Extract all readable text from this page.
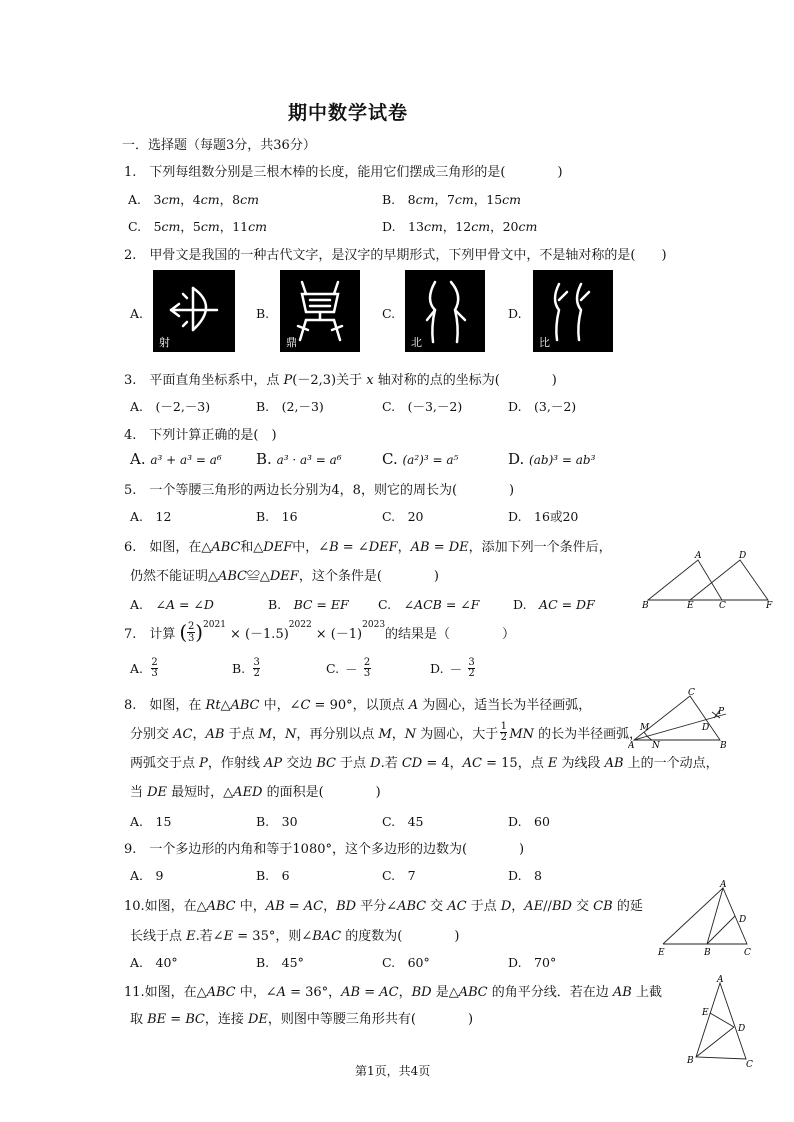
期中数学试卷
一．选择题（每题3分，共36分）
1.　下列每组数分别是三根木棒的长度，能用它们摆成三角形的是(　　　　)
A.　3𝑐𝑚，4𝑐𝑚，8𝑐𝑚	B.　8𝑐𝑚，7𝑐𝑚，15𝑐𝑚
C.　5𝑐𝑚，5𝑐𝑚，11𝑐𝑚	D.　13𝑐𝑚，12𝑐𝑚，20𝑐𝑚
2.　甲骨文是我国的一种古代文字，是汉字的早期形式，下列甲骨文中，不是轴对称的是(　　)
A.
射
B.
鼎
C.
北
D.
比
3.　平面直角坐标系中，点 𝑃(－2,3)关于 𝑥 轴对称的点的坐标为(　　　　)
A.　(－2,－3)	B.　(2,－3)	C.　(－3,－2)	D.　(3,－2)
4.　下列计算正确的是(　)
A. a³ + a³ = a⁶ B. a³ · a³ = a⁶	C. (a²)³ = a⁵	D. (ab)³ = ab³
5.　一个等腰三角形的两边长分别为4，8，则它的周长为(　　　　)
A.　12	B.　16	C.　20	D.　16或20
6.　如图，在△𝐴𝐵𝐶和△𝐷𝐸𝐹中，∠𝐵 = ∠𝐷𝐸𝐹，𝐴𝐵 = 𝐷𝐸，添加下列一个条件后，
仍然不能证明△𝐴𝐵𝐶≌△𝐷𝐸𝐹，这个条件是(　　　　)
A.　∠𝐴 = ∠𝐷	B.　𝐵𝐶 = 𝐸𝐹 C.　∠𝐴𝐶𝐵 = ∠𝐹	D.　𝐴𝐶 = 𝐷𝐹
A	D
B	E	C	F
7.　计算 ( 2
3 )$^{2021}$
× (－1.5)
$^{2022}$
× (－1)
$^{2023}$
的结果是（　　　　）
A. 2
3	B. 3
2	C. － 2
3	D. － 3
2
8.　如图，在 𝑅𝑡△𝐴𝐵𝐶 中，∠𝐶 = 90°，以顶点 𝐴 为圆心，适当长为半径画弧，
分别交 𝐴𝐶，𝐴𝐵 于点 𝑀，𝑁，再分别以点 𝑀，𝑁 为圆心，大于
1
2 𝑀𝑁 的长为半径画弧，
两弧交于点 𝑃，作射线 𝐴𝑃 交边 𝐵𝐶 于点 𝐷.若 𝐶𝐷 = 4，𝐴𝐶 = 15，点 𝐸 为线段 𝐴𝐵 上的一个动点，
当 𝐷𝐸 最短时，△𝐴𝐸𝐷 的面积是(　　　　)
A.　15	B.　30	C.　45	D.　60
C
M
P
D
A N	B
9.　一个多边形的内角和等于1080°，这个多边形的边数为(　　　　)
A.　9	B.　6	C.　7	D.　8
10.如图，在△𝐴𝐵𝐶 中，𝐴𝐵 = 𝐴𝐶，𝐵𝐷 平分∠𝐴𝐵𝐶 交 𝐴𝐶 于点 𝐷，𝐴𝐸//𝐵𝐷 交 𝐶𝐵 的延
长线于点 𝐸.若∠𝐸 = 35°，则∠𝐵𝐴𝐶 的度数为(　　　　)
A.　40°	B.　45°	C.　60°	D.　70°
A
D
E	B	C
11.如图，在△𝐴𝐵𝐶 中，∠𝐴 = 36°，𝐴𝐵 = 𝐴𝐶，𝐵𝐷 是△𝐴𝐵𝐶 的角平分线．若在边 𝐴𝐵 上截
取 𝐵𝐸 = 𝐵𝐶，连接 𝐷𝐸，则图中等腰三角形共有(　　　　)
A
E
D
B	C
第1页，共4页
